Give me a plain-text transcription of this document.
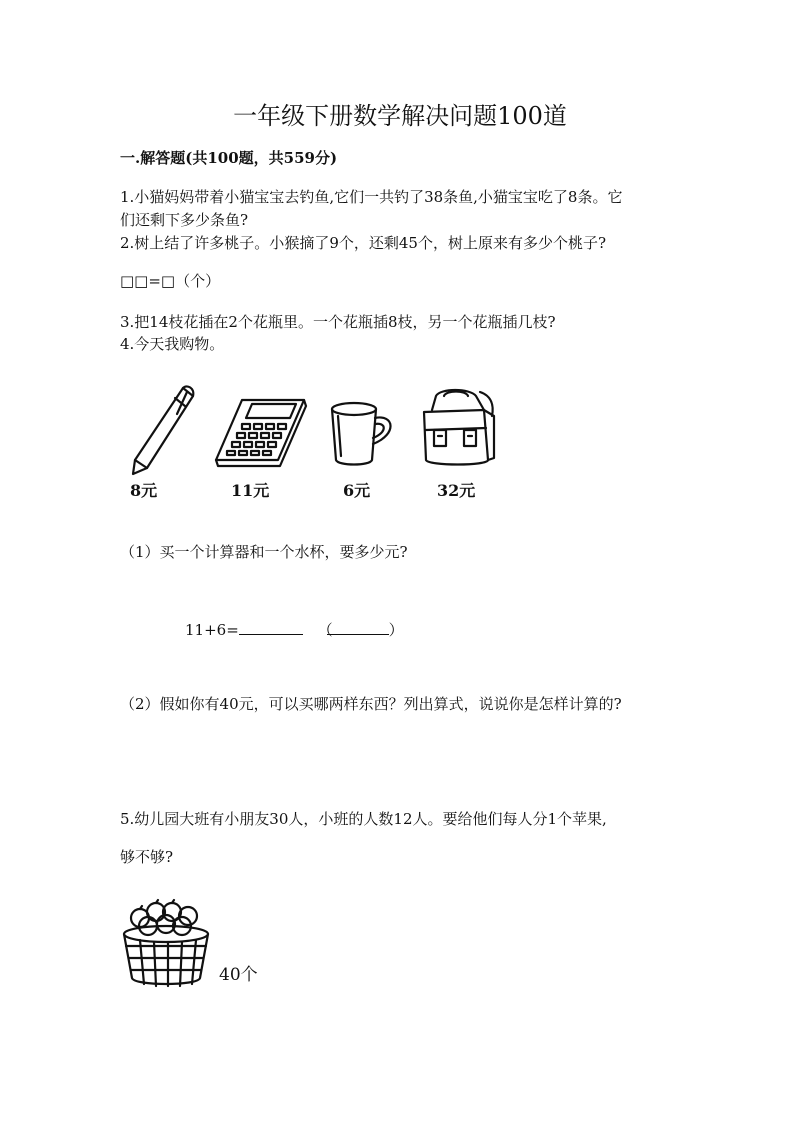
一年级下册数学解决问题100道
一.解答题(共100题，共559分)
1.小猫妈妈带着小猫宝宝去钓鱼,它们一共钓了38条鱼,小猫宝宝吃了8条。它
们还剩下多少条鱼?
2.树上结了许多桃子。小猴摘了9个，还剩45个，树上原来有多少个桃子?
□□=□（个）
3.把14枝花插在2个花瓶里。一个花瓶插8枝，另一个花瓶插几枝?
4.今天我购物。
8元	11元	6元	32元
（1）买一个计算器和一个水杯，要多少元?
11+6=	（	）
（2）假如你有40元，可以买哪两样东西？列出算式，说说你是怎样计算的?
5.幼儿园大班有小朋友30人，小班的人数12人。要给他们每人分1个苹果,
够不够?
40个
